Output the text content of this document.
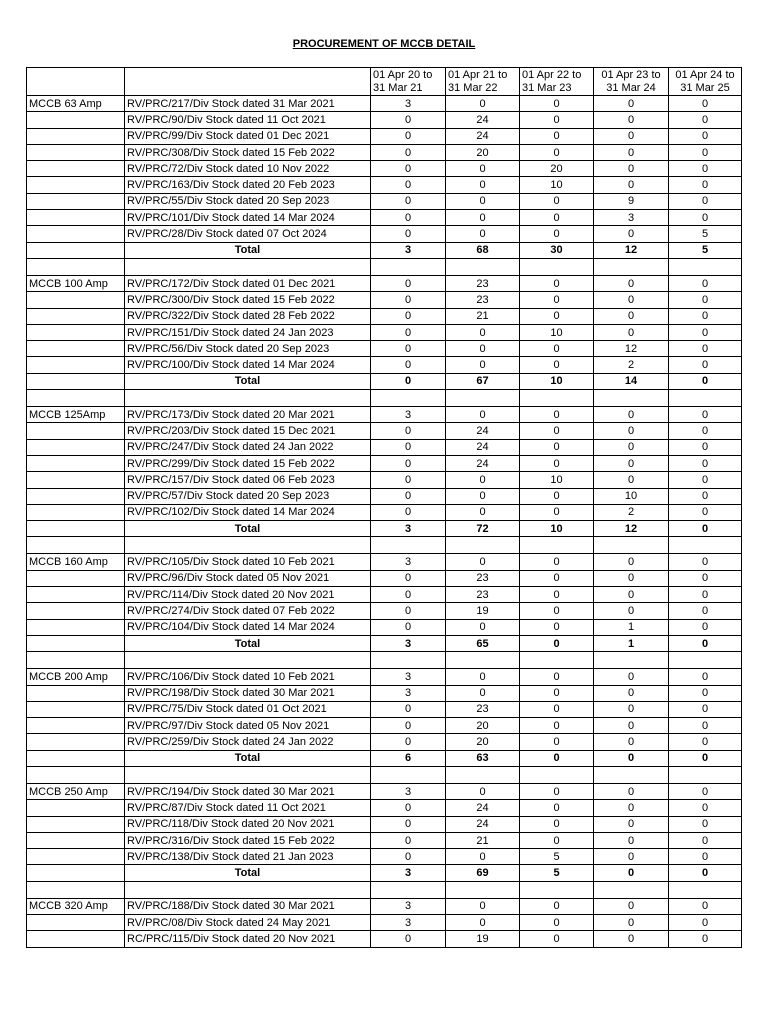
PROCUREMENT OF MCCB DETAIL
		01 Apr 20 to 31 Mar 21	01 Apr 21 to 31 Mar 22	01 Apr 22 to 31 Mar 23	01 Apr 23 to 31 Mar 24	01 Apr 24 to 31 Mar 25
MCCB 63 Amp	RV/PRC/217/Div Stock dated 31 Mar 2021	3	0	0	0	0
	RV/PRC/90/Div Stock dated 11 Oct 2021	0	24	0	0	0
	RV/PRC/99/Div Stock dated 01 Dec 2021	0	24	0	0	0
	RV/PRC/308/Div Stock dated 15 Feb 2022	0	20	0	0	0
	RV/PRC/72/Div Stock dated 10 Nov 2022	0	0	20	0	0
	RV/PRC/163/Div Stock dated 20 Feb 2023	0	0	10	0	0
	RV/PRC/55/Div Stock dated 20 Sep 2023	0	0	0	9	0
	RV/PRC/101/Div Stock dated 14 Mar 2024	0	0	0	3	0
	RV/PRC/28/Div Stock dated 07 Oct 2024	0	0	0	0	5
	Total	3	68	30	12	5

MCCB 100 Amp	RV/PRC/172/Div Stock dated 01 Dec 2021	0	23	0	0	0
	RV/PRC/300/Div Stock dated 15 Feb 2022	0	23	0	0	0
	RV/PRC/322/Div Stock dated 28 Feb 2022	0	21	0	0	0
	RV/PRC/151/Div Stock dated 24 Jan 2023	0	0	10	0	0
	RV/PRC/56/Div Stock dated 20 Sep 2023	0	0	0	12	0
	RV/PRC/100/Div Stock dated 14 Mar 2024	0	0	0	2	0
	Total	0	67	10	14	0

MCCB 125Amp	RV/PRC/173/Div Stock dated 20 Mar 2021	3	0	0	0	0
	RV/PRC/203/Div Stock dated 15 Dec 2021	0	24	0	0	0
	RV/PRC/247/Div Stock dated 24 Jan 2022	0	24	0	0	0
	RV/PRC/299/Div Stock dated 15 Feb 2022	0	24	0	0	0
	RV/PRC/157/Div Stock dated 06 Feb 2023	0	0	10	0	0
	RV/PRC/57/Div Stock dated 20 Sep 2023	0	0	0	10	0
	RV/PRC/102/Div Stock dated 14 Mar 2024	0	0	0	2	0
	Total	3	72	10	12	0

MCCB 160 Amp	RV/PRC/105/Div Stock dated 10 Feb 2021	3	0	0	0	0
	RV/PRC/96/Div Stock dated 05 Nov 2021	0	23	0	0	0
	RV/PRC/114/Div Stock dated 20 Nov 2021	0	23	0	0	0
	RV/PRC/274/Div Stock dated 07 Feb 2022	0	19	0	0	0
	RV/PRC/104/Div Stock dated 14 Mar 2024	0	0	0	1	0
	Total	3	65	0	1	0

MCCB 200 Amp	RV/PRC/106/Div Stock dated 10 Feb 2021	3	0	0	0	0
	RV/PRC/198/Div Stock dated 30 Mar 2021	3	0	0	0	0
	RV/PRC/75/Div Stock dated 01 Oct 2021	0	23	0	0	0
	RV/PRC/97/Div Stock dated 05 Nov 2021	0	20	0	0	0
	RV/PRC/259/Div Stock dated 24 Jan 2022	0	20	0	0	0
	Total	6	63	0	0	0

MCCB 250 Amp	RV/PRC/194/Div Stock dated 30 Mar 2021	3	0	0	0	0
	RV/PRC/87/Div Stock dated 11 Oct 2021	0	24	0	0	0
	RV/PRC/118/Div Stock dated 20 Nov 2021	0	24	0	0	0
	RV/PRC/316/Div Stock dated 15 Feb 2022	0	21	0	0	0
	RV/PRC/138/Div Stock dated 21 Jan 2023	0	0	5	0	0
	Total	3	69	5	0	0

MCCB 320 Amp	RV/PRC/188/Div Stock dated 30 Mar 2021	3	0	0	0	0
	RV/PRC/08/Div Stock dated 24 May 2021	3	0	0	0	0
	RC/PRC/115/Div Stock dated 20 Nov 2021	0	19	0	0	0
